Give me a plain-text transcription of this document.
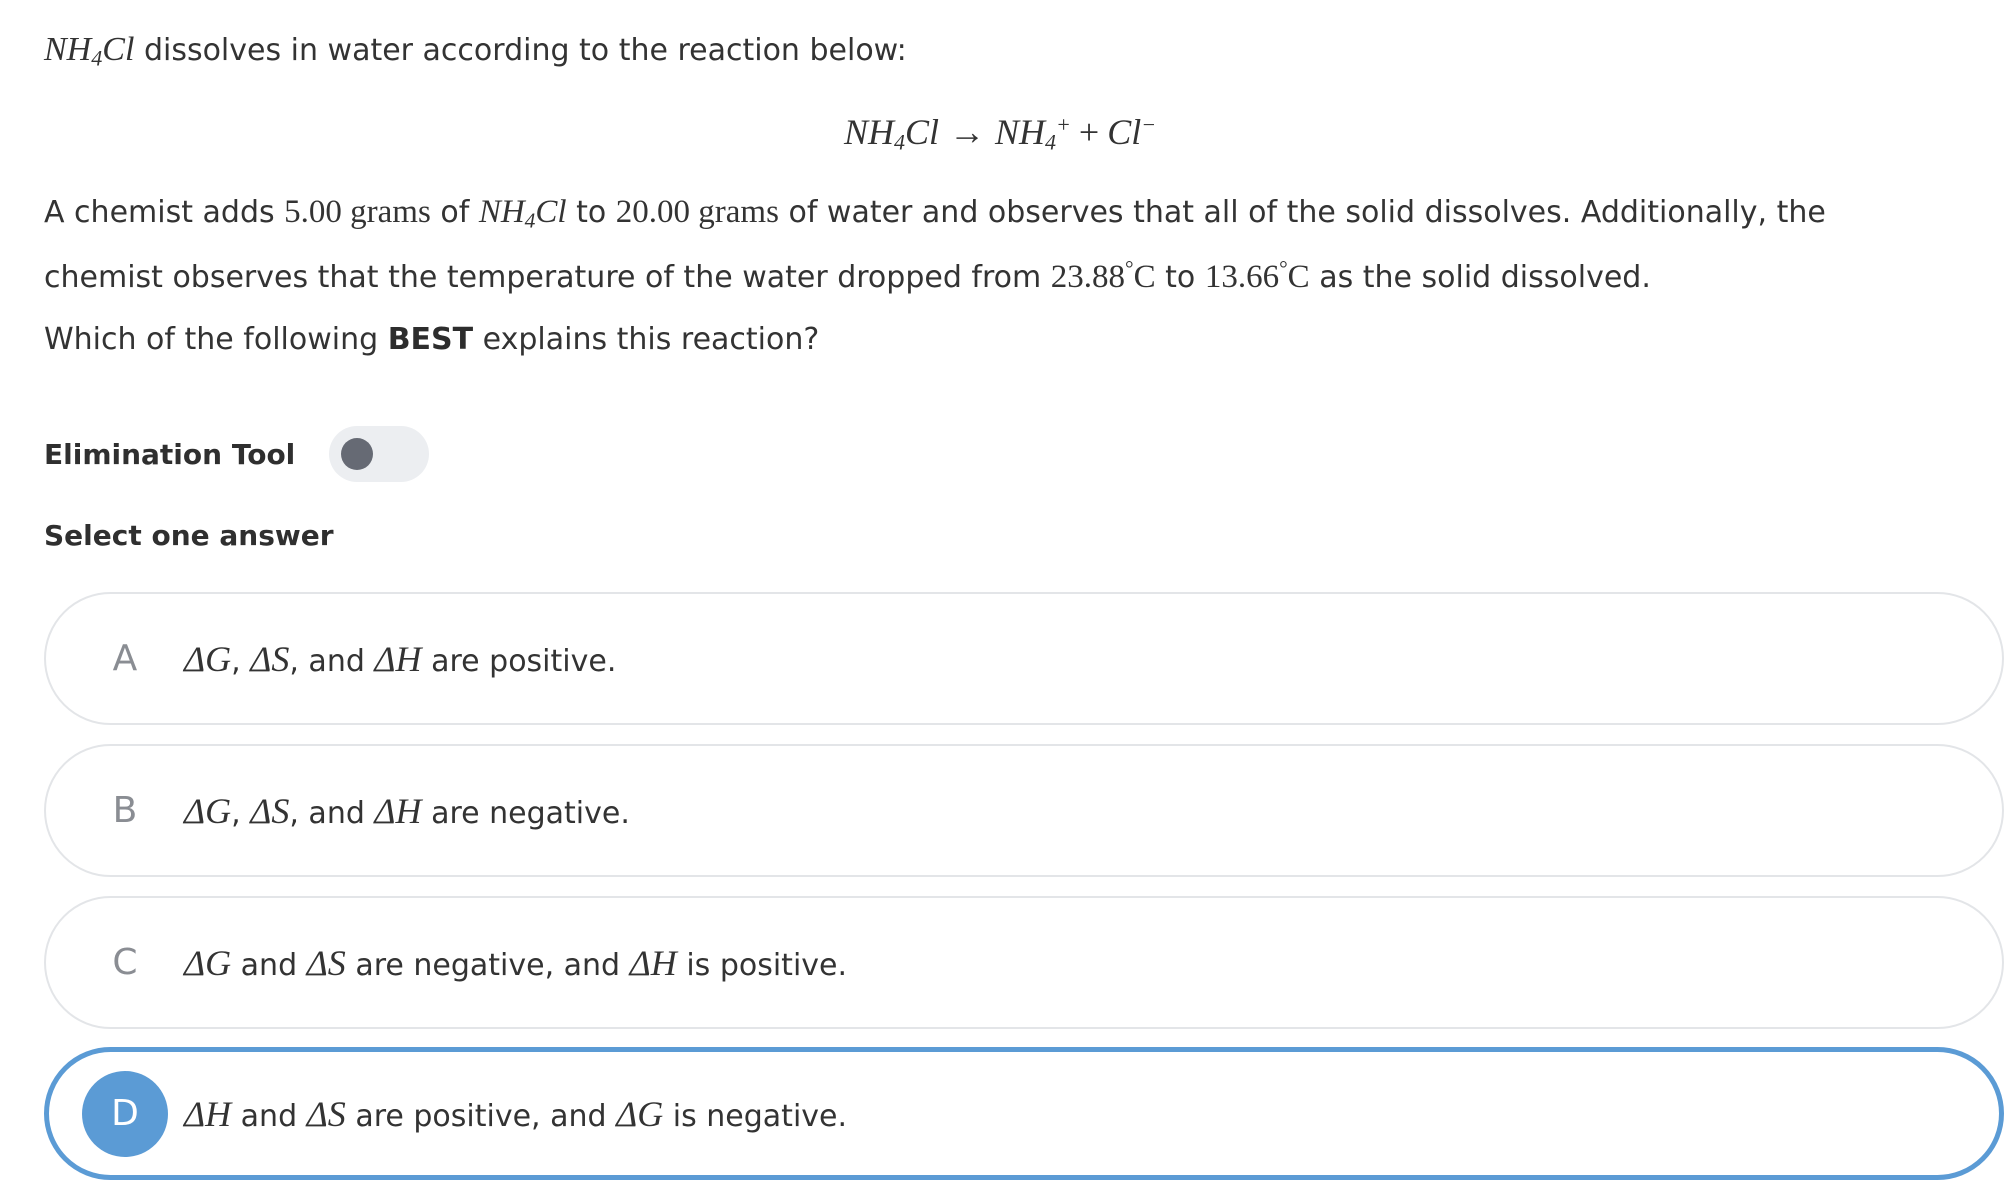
$NH_4Cl$ dissolves in water according to the reaction below:
$NH_4Cl \to NH_4^+ + Cl^-$
A chemist adds 5.00 grams of $NH_4Cl$ to 20.00 grams of water and observes that all of the solid dissolves. Additionally, the chemist observes that the temperature of the water dropped from 23.88°C to 13.66°C as the solid dissolved.
Which of the following BEST explains this reaction?
Elimination Tool
Select one answer
A	ΔG, ΔS, and ΔH are positive.
B	ΔG, ΔS, and ΔH are negative.
C	ΔG and ΔS are negative, and ΔH is positive.
D	ΔH and ΔS are positive, and ΔG is negative.
